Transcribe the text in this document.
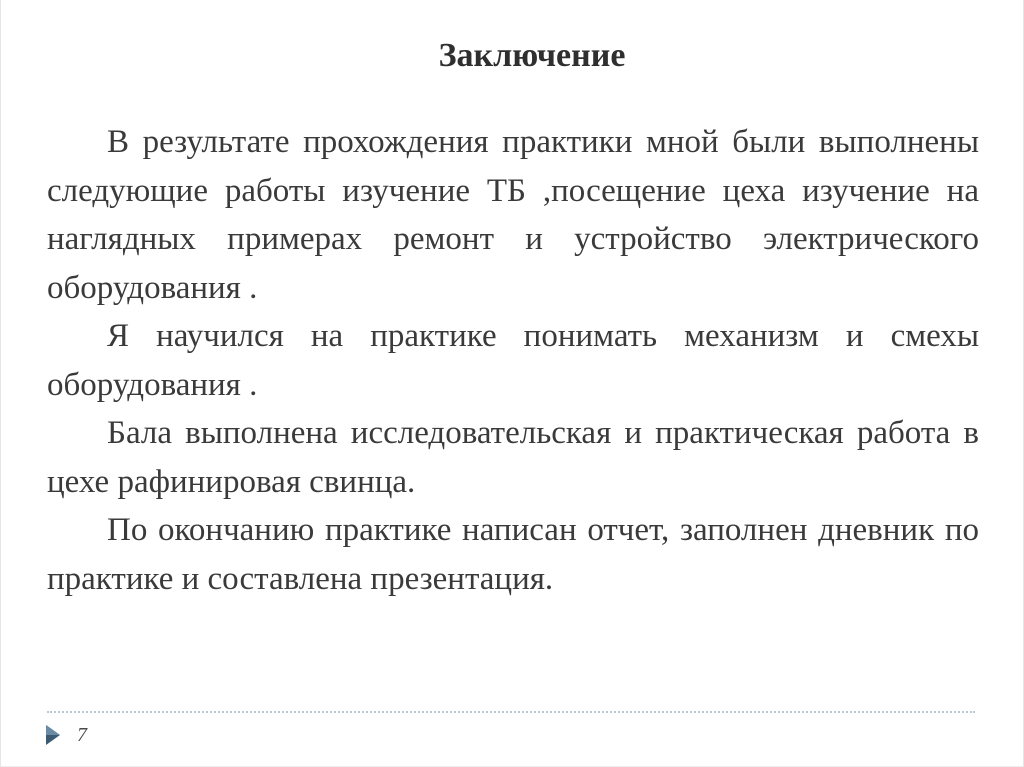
Заключение

В результате прохождения практики мной были выполнены следующие работы изучение ТБ ,посещение цеха изучение на наглядных примерах ремонт и устройство электрического оборудования .

Я научился на практике понимать механизм и смехы оборудования .

Бала выполнена исследовательская и практическая работа в цехе рафинировая свинца.

По окончанию практике написан отчет, заполнен дневник по практике и составлена презентация.

7
